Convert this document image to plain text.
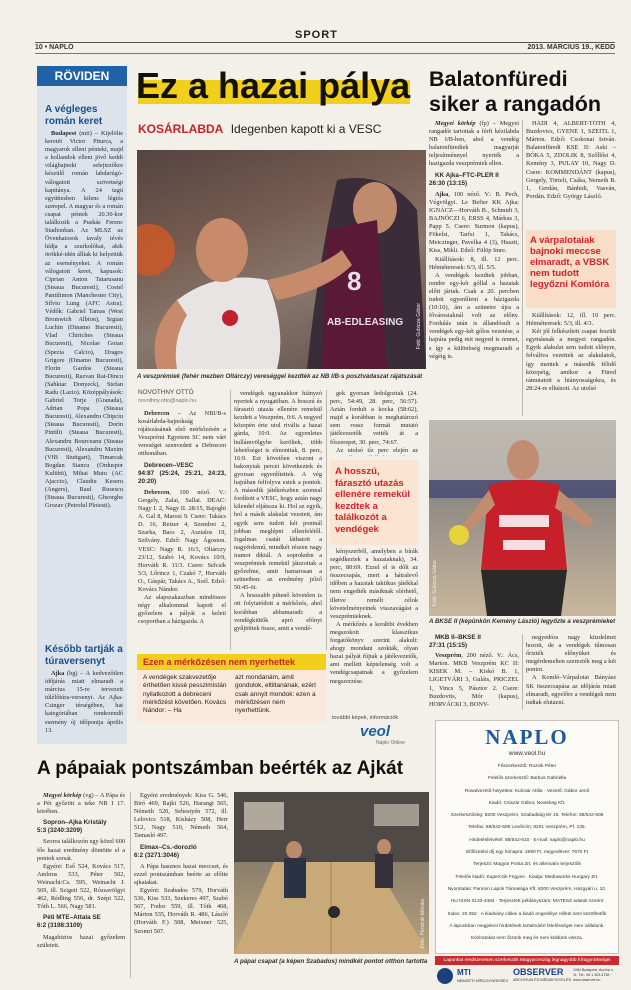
10 • NAPLÓ
SPORT
2013. MÁRCIUS 19., KEDD
RÖVIDEN
A végleges román keret

Budapest (mti) – Kijelölte keretét Victor Piturca, a magyarok elleni pénteki, majd a hollandok elleni jövő keddi világbajnoki selejtezőkre készülő román labdarúgó-válogatott szövetségi kapitánya. A 24 tagú együttesben kilenc légiós szerepel. A magyar és a román csapat péntek 20.30-kor találkozik a Puskás Ferenc Stadionban. Az MLSZ az Övenhatosok tavaly tévés hídja a szurkolókat, akik örökké-idén álltak ki helyettük az eseményeket. A román válogatott keret, kapusok: Ciprian Anton Tatarusanu (Steaua Bucuresti), Costel Pantilimon (Manchester City), Silviu Lung (AFC Astra). Védők: Gabriel Tamas (West Bromwich Albion), Srgian Luchin (Dinamo Bucuresti), Vlad Chiriches (Steaua Bucuresti), Nicolae Goian (Spezia Calcio), Dragos Grigore (Dinamo Bucuresti), Florin Gardos (Steaua Bucuresti), Razvan Rat-Dincu (Sahktar Donyeck), Stefan Radu (Lazio). Középpályások: Gabriel Torje (Granada), Adrian Popa (Steaua Bucuresti), Alexandru Chipciu (Steaua Bucuresti), Dorin Pintilii (Steaua Bucuresti), Alexandru Bourceanu (Steaua Bucuresti), Alexandru Maxim (VfB Stuttgart), Timarcak Bogdan Stancu (Orduspor Kulübü), Mihai Mutu (AC Ajaccio), Claudiu Keseru (Angers), Raul Rusescu (Steaua Bucuresti), Gheorghe Grozav (Petrolul Ploiesti).

Később tartják a túraversenyt

Ajka (bg) – A kedvezőtlen időjárás miatt elmaradt a március 15-re tervezett túlélőtúra-versenyt. Az Ajka-Csinger térségében, hat kategóriában rendezendő esemény új időpontja április 13.

Ez a hazai pálya
KOSÁRLABDA Idegenben kapott ki a VESC
8
AB-EDLEASING	Fotó: Gubicza Gábor
A veszprémiek (fehér mezben Oltárczy) vereséggel kezdték az NB I/B-s posztvádaszat rájátszását
NOVOTHNY OTTÓ
novothny.otto@naplo.hu

Debrecen – Az NBI/B-s kosárlabda-bajnokság rájátszásának első mérkőzésén a Veszprémi Egyetem SC nem várt vereséget szenvedett a Debrecen otthonában.

Debrecen–VESC
94:87 (25:24, 25:21, 24:23, 20:20)

Debrecen, 100 néző. V.: Gergely, Zalai, Sallai. DEAC: Nagy I. 2, Nagy II. 28/15, Bajoghi A. Gal 8, Marosi 9. Csere: Takács D. 16, Reizer 4, Szendrei 2, Szarka, Bacs 2, Asztalos 19, Szilvány. Edző: Nagy Ágoston. VESC: Nagy R. 16/3, Oltárczy 23/12, Szabó 14, Kovács 10/9, Horváth R. 11/3. Csere: Sefcsik 5/3, Lőrincz 1, Czakó 7, Horváth O., Gáspár, Takács A., Szél. Edző: Kovács Nándor.

Az alapszakaszban mindössze négy alkalommal kapott el győzelem a pályát a keleti csoportban a házigazda. A

vendégek ugyanakkor hiányzó nyertek a nyugatiban. A hosszú és fárasztó utazás ellenére remekül kezdett a Veszprém, 0:6. A negyed közepén érte utol rivális a hazai gárda, 10:9. Az egyenletes hullámvölgybe keröltek, több lehetőséget is elmonttak, 8. perc, 16:9. Ezt követően viszont a bakonyiak percei következtek és gyorsan egyenlítettek. A vég hajrában felfolyva estek a pontok. A második játékrészben azonnal fordított a VESC, hogy aztán nagy kilendel eljátssza ki. Hol az egyik, hol a másik alakulat vezetett, ám egyik sem tudott két pontnál jobban meglépni ellenfelétől. Izgalmas csatát láthatott a nagyérdemű, mindkét részen nagy iramot diktál. A soproknbn a veszprémiek remekül játszottak a győzelme, amit hamarosan a szünetben: az eredmény jelző 50:45-öt.

A hosszabb pihenő követően is ott folytatódott a mérkőzés, ahol korábban abbamaradt: a vendégkiütők apró előnyt gyűjtöttek össze, amit a vendé-

gek gyorsan ledolgoztak (24. perc, 54:49, 28. perc, 56:57). Aztán fordult a kocka (58:62), majd a korábban is meghatározó sem rossz formát mutató játékvezetők vették át a főszerepet, 30. perc, 74:67.

Az utolsó tíz perc elején az

A hosszú, fárasztó utazás ellenére remekül kezdtek a találkozót a vendégek

kényszerből, amelyben a bírák segédkeztek a hazaiaknak), 34. perc, 80:69. Ezzel el is dőlt az összecsapás, mert a hátralevő időben a hazaiak taktikus játékkal nem engedték másiknak elérhető, illetve remélt célok követelményeinek visszavágást a veszprémieknek.

A mérkőzés a korábbi években megszokott klasszikus forgatókönyv szerint alakult: ahogy mondani szokták, olyan hazai pályát fújtak a játékvezetők, ami mellett képtelenség volt a vendégcsapatnak a győzelem megszerzése.

Ezen a mérkőzésen nem nyerhettek
A vendégek szakvezetője érthetően kissé pesszimistán nyilatkozott a debreceni mérkőzést követően. Kovács Nándor: – Ha
azt mondanám, amit gondolok, eltiltanának, ezért csak annyit mondok: ezen a mérkőzésen nem nyerhettünk.
további képek, információk
veol
Naplo Online
Balatonfüredi siker a rangadón

Megyei körkép (fp) – Megyei rangadót tartottak a férfi kézilabda NB I/B-ben, ahol a vendég balatonfürediek magyarját teljesítménnyel nyerték a hazigazda veszprémiek ellen.

KK Ajka–FTC-PLER II
26:30 (13:15)

Ajka, 100 néző. V.: B. Pech, Végvölgyi. Le Befier KK Ajka: IGNÁCZ—Horváth B., Schmidt 3, BAJNÓCZI 6, ERSS 4, Márkus 3, Papp 5. Csere: Surmon (kapus), Fökelsi, Tarfsi 1, Takács, Meiczinger, Pavelka 4 (3), Huszti, Kiss, Mikli. Edző: Fülöp Imre.

Kiállítások: 8, ill. 12 perc. Hétméteresek: 6/3, ill. 5/5.

A vendégek kezdtek jobban, rendre egy-két góllal a hazaiak előtt jártak. Csak a 20. percben tudott egyenlíteni a házigazda (10:10), ám a szünetre újra a fővárosiaknál volt az előny. Fordulás után is állandósult a vendégek egy-két gólos vezetése, a hajrára pedig mit negyed is rennet, s így a különbség megmaradt a végéig is.

HÁDI 4, ALBERT-TÓTH 4, Buzdovics, GYENE 1, SZEITL 1, Márton. Edző: Csokonai István. Balatonfüredi KSE II: Aski – BÓKA 5, ZDOLIK 8, Szőllősi 4, Kemény 3, PULAY 10, Nagy D. Csere: KOMMENDÁNT (kapus), Gergely, Törteli, Csáka, Nemeth B. 1, Gerdán, Bánhidi, Vasván, Pordán. Edző: György László.

A várpalotaiak bajnoki meccse elmaradt, a VBSK nem tudott legyőzni Komlóra

Kiállítások: 12, ill. 10 perc. Hétméteresek: 5/3, ill. 4/3.

Két jól felkészített csapat feszült egymásnak a megyei rangadón. Egyik alakulat sem tudott előnyre, felváltva vezettek az alakulatok, így mentek a második félidő közepéig, amikor a Füred rámutatott a hiányosságokra, és 28:24-re elhúzott. Az utolsó

Fotó: Gubicza Gábor
A BKSE II (képünkön Kemény László) legyőzte a veszprémieket

MKB II–BKSE II
27:31 (15:15)

Veszprém, 200 néző. V.: Ács, Marton. MKB Veszprém KC II: KISEK M. – Kiskó B. 1, LIGETVÁRI 3, Guláis, PRICZEL 1, Vincs 5, Pásztor 2. Csere: Buzdovits, Mór (kapus), HORVÁCKI 3, BONY-

negyedóra nagy küzdelmet hozott, de a vendégek tűmosan őrizték előnyüket és megérdemelten szerezték meg a két pontot.

A Komló–Várpalotai Bányász SK összecsapása az időjárás miatt elmaradt, egyelőre a vendégek nem tudtak elutazni.

A pápaiak pontszámban beérték az Ajkát

Megyei körkép (vg) – A Pápa és a Pét győzött a teke NB I 17. körében.

Sopron–Ajka Kristály
5:3 (3240:3209)

Szoros találkozón egy közel 600 fős hazai eredmény döntötte el a pontok sorsát.

Egyéni: Eső 524, Kovács 517, Ambrus 533, Péter 502, Weinacht:Cs. 595, Weinacht J. 569, ill. Szigeti 522, Rózsavölgyi 462, Rédling 556, dr. Szépi 522, Tóth L. 566, Nagy 581.

Péti MTE–Attala SE
6:2 (3198:3109)

Magabiztos hazai győzelem született.

Egyéni eredmények: Kiss G. 546, Biró 469, Rajki 526, Harangi 565, Németh 520, Sebestyén 572, ill. Lelovics 518, Kisházy 508, Herr 512, Nagy 510, Németh 564, Tamasló 497.

Elmax–Cs.-dorozló
6:2 (3271:3046)

A Pápa hasznos hazai meccset, és ezzel pontszámban beérte az előtte ajkaiakat.

Egyéni: Szabados 579, Horváth 536, Kiss 533, Szekeres 497, Szabó 567, Fodor 559, ill. Tóth 468, Márton 535, Horváth R. 486, László (Horváth F.) 508, Meixner 525, Szomri 507.	Fotó: Pénzinki Mónika
A pápai csapat (a képen Szabados) mindkét pontot otthon tartotta
NAPLO
www.veol.hu
Főszerkesztő: Ruzsik Péter
Felelős szerkesztő: Barbus Gabriella
Rovatvezető-helyettes: Kulcsár Attila · Vezető: Gábor Jenő
Kiadó: Csiszár Gábor, Newshag Kft.
Szerkesztőség: 8200 Veszprém, Szabadság tér 15. Telefon: 88/542-608
Telefax: 88/542-608 Levélcím: 8201 Veszprém, Pf. 135.
Hirdetésfelvétel: 88/542-610 · E-mail: naplo@naplo.hu
Előfizetési díj egy hónapra: 2690 Ft, negyedévre: 7670 Ft
Terjeszti: Magyar Posta Zrt. és alternatív terjesztők
Felelős kiadó: Kuperczik Frigyes · Kiadja: Mediaworks Hungary Zrt.
Nyomtatás: Pannon Lapok Társasága Kft. 8200 Veszprém, Házgyári u. 10.
HU ISSN 0133-4484 · Terjesztett példányszám: MATESZ adatok szerint
Index: 25 052 · A kiadvány cikkei a kiadó engedélye nélkül nem közölhetők
A lapunkban megjelent hirdetések tartalmáért felelősséget nem vállalunk.
Kéziratokat nem őrzünk meg és nem küldünk vissza.
Lapunkat rendszeresen szerkesztik Magyarország legnagyobb hírügynökségei
MTI
NEMZETI HÍRÜGYNÖKSÉG
OBSERVER
ARCHIVUM ÉS MÉDIAFIGYELÉS
1084 Budapest, Auróra u. 11. Tel.: 06 1 303-4738 · www.observer.hu
